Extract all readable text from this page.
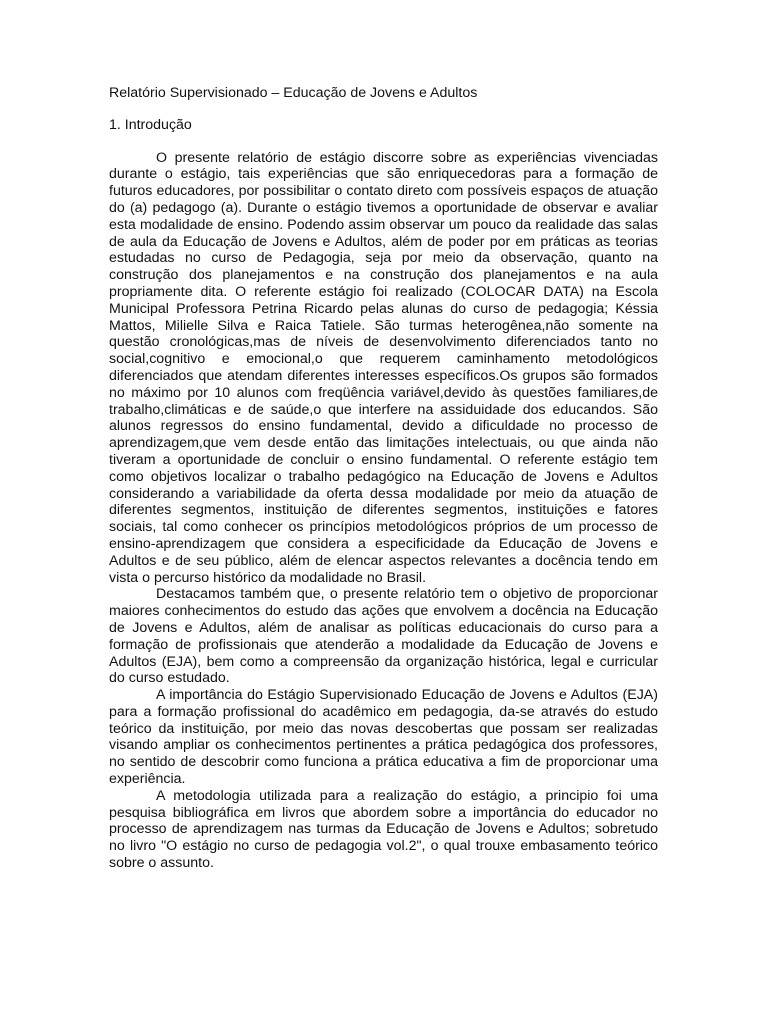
Relatório Supervisionado – Educação de Jovens e Adultos
1. Introdução

O presente relatório de estágio discorre sobre as experiências vivenciadas durante o estágio, tais experiências que são enriquecedoras para a formação de futuros educadores, por possibilitar o contato direto com possíveis espaços de atuação do (a) pedagogo (a). Durante o estágio tivemos a oportunidade de observar e avaliar esta modalidade de ensino. Podendo assim observar um pouco da realidade das salas de aula da Educação de Jovens e Adultos, além de poder por em práticas as teorias estudadas no curso de Pedagogia, seja por meio da observação, quanto na construção dos planejamentos e na construção dos planejamentos e na aula propriamente dita. O referente estágio foi realizado (COLOCAR DATA) na Escola Municipal Professora Petrina Ricardo pelas alunas do curso de pedagogia; Késsia Mattos, Milielle Silva e Raica Tatiele. São turmas heterogênea,não somente na questão cronológicas,mas de níveis de desenvolvimento diferenciados tanto no social,cognitivo e emocional,o que requerem caminhamento metodológicos diferenciados que atendam diferentes interesses específicos.Os grupos são formados no máximo por 10 alunos com freqüência variável,devido às questões familiares,de trabalho,climáticas e de saúde,o que interfere na assiduidade dos educandos. São alunos regressos do ensino fundamental, devido a dificuldade no processo de aprendizagem,que vem desde então das limitações intelectuais, ou que ainda não tiveram a oportunidade de concluir o ensino fundamental. O referente estágio tem como objetivos localizar o trabalho pedagógico na Educação de Jovens e Adultos considerando a variabilidade da oferta dessa modalidade por meio da atuação de diferentes segmentos, instituição de diferentes segmentos, instituições e fatores sociais, tal como conhecer os princípios metodológicos próprios de um processo de ensino-aprendizagem que considera a especificidade da Educação de Jovens e Adultos e de seu público, além de elencar aspectos relevantes a docência tendo em vista o percurso histórico da modalidade no Brasil.

Destacamos também que, o presente relatório tem o objetivo de proporcionar maiores conhecimentos do estudo das ações que envolvem a docência na Educação de Jovens e Adultos, além de analisar as políticas educacionais do curso para a formação de profissionais que atenderão a modalidade da Educação de Jovens e Adultos (EJA), bem como a compreensão da organização histórica, legal e curricular do curso estudado.

A importância do Estágio Supervisionado Educação de Jovens e Adultos (EJA) para a formação profissional do acadêmico em pedagogia, da-se através do estudo teórico da instituição, por meio das novas descobertas que possam ser realizadas visando ampliar os conhecimentos pertinentes a prática pedagógica dos professores, no sentido de descobrir como funciona a prática educativa a fim de proporcionar uma experiência.

A metodologia utilizada para a realização do estágio, a principio foi uma pesquisa bibliográfica em livros que abordem sobre a importância do educador no processo de aprendizagem nas turmas da Educação de Jovens e Adultos; sobretudo no livro "O estágio no curso de pedagogia vol.2", o qual trouxe embasamento teórico sobre o assunto.
